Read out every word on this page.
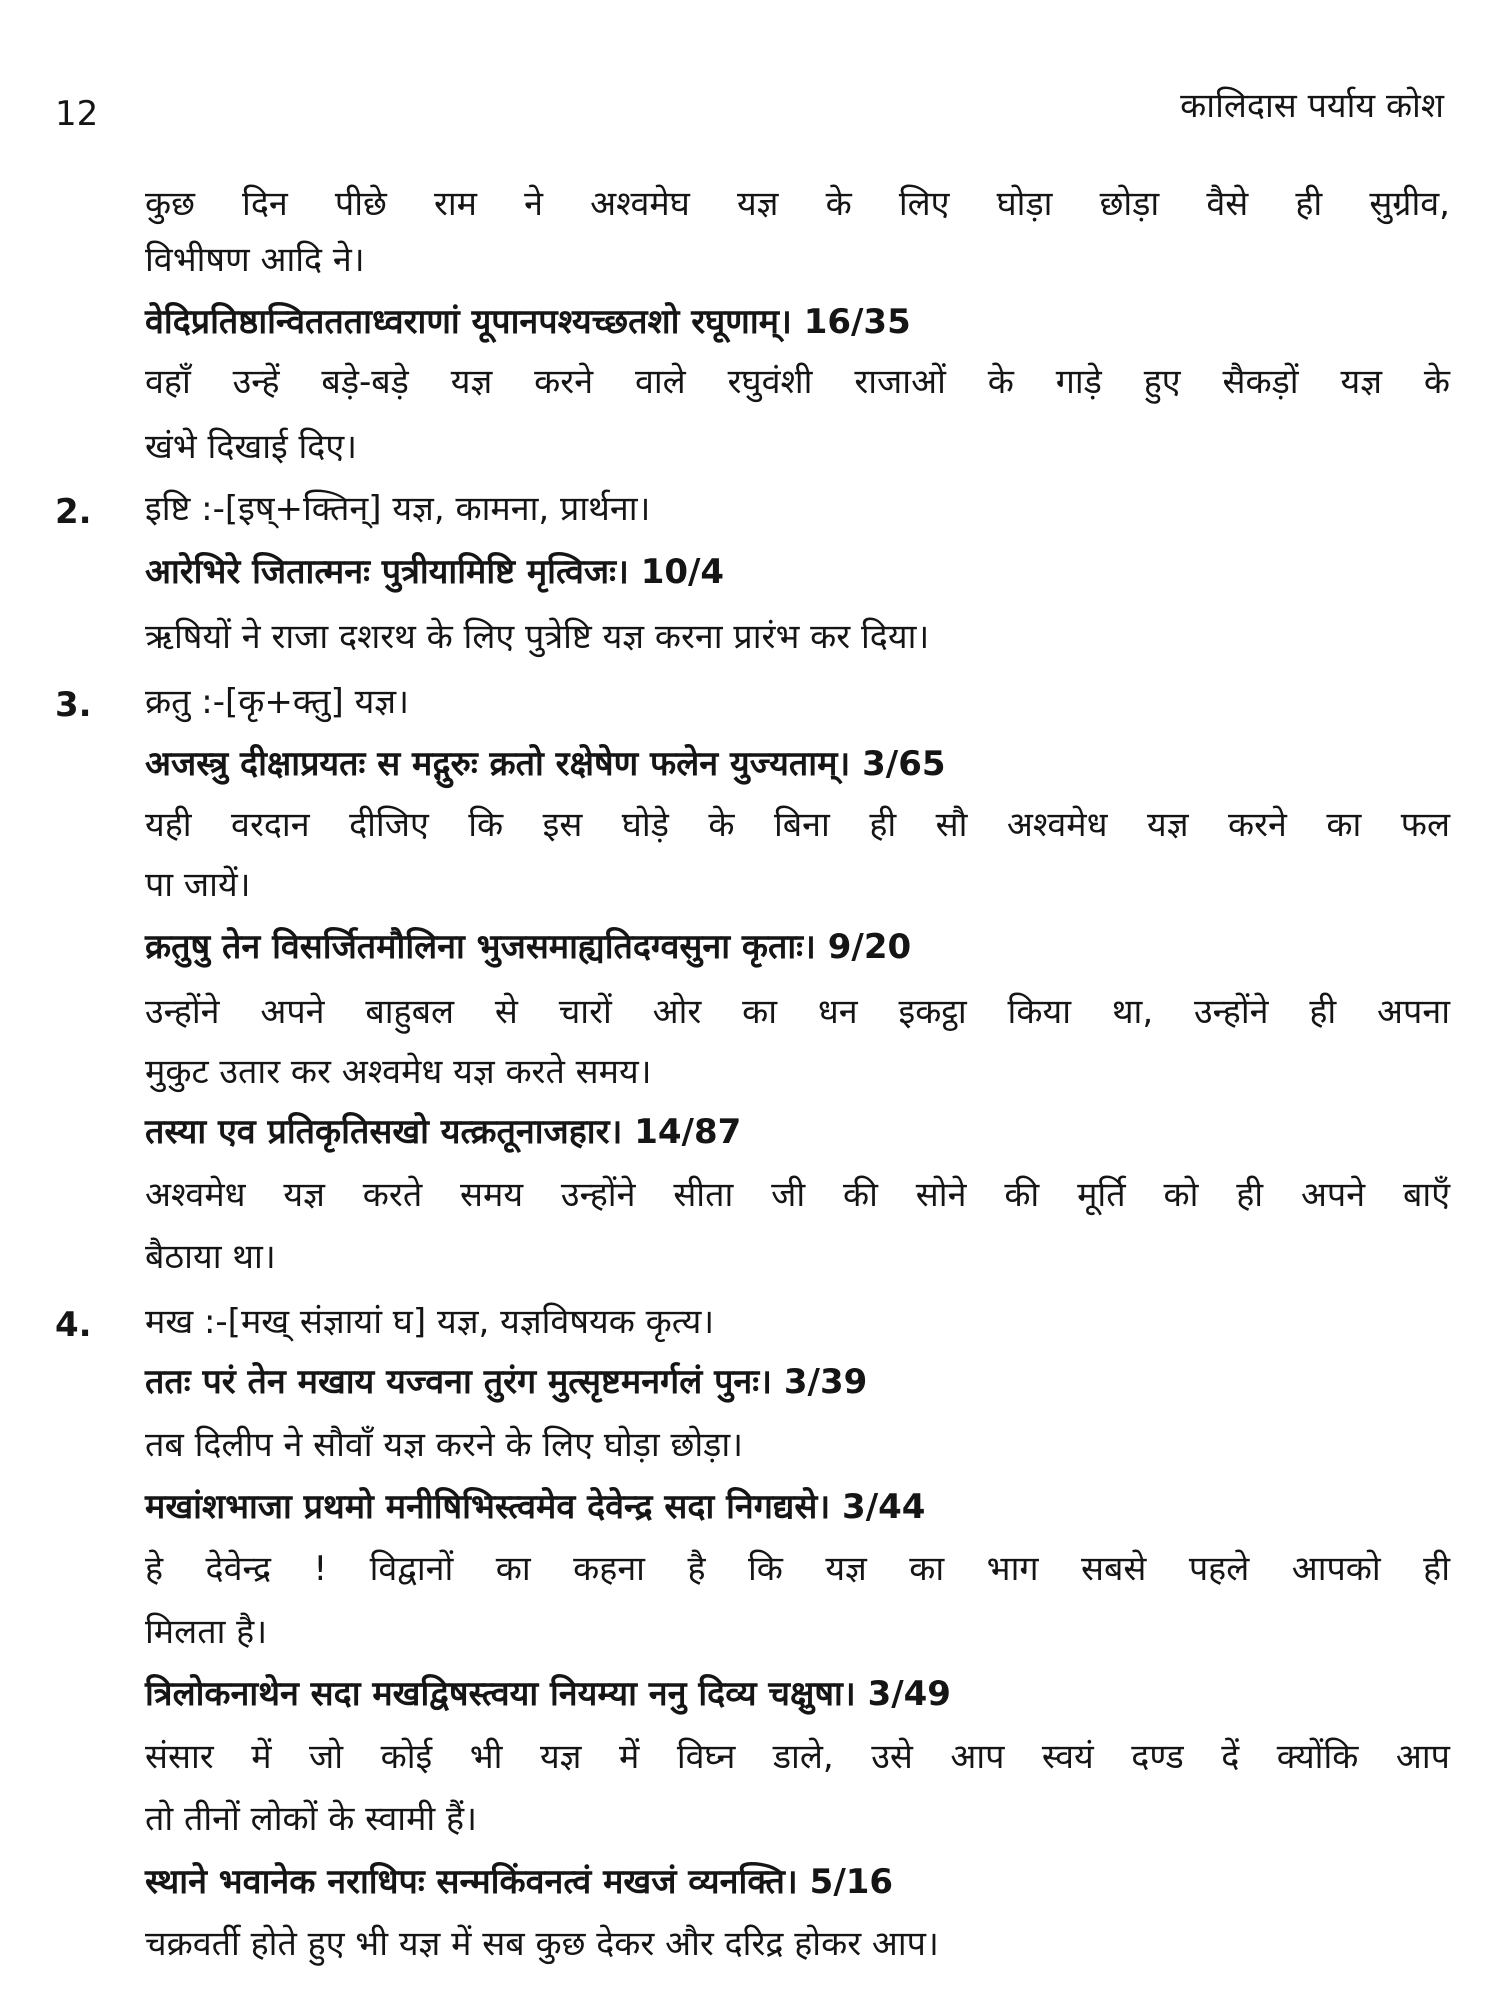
12	कालिदास पर्याय कोश
कुछ दिन पीछे राम ने अश्वमेघ यज्ञ के लिए घोड़ा छोड़ा वैसे ही सुग्रीव,
विभीषण आदि ने।
वेदिप्रतिष्ठान्विततताध्वराणां यूपानपश्यच्छतशो रघूणाम्। 16/35
वहाँ उन्हें बड़े-बड़े यज्ञ करने वाले रघुवंशी राजाओं के गाड़े हुए सैकड़ों यज्ञ के
खंभे दिखाई दिए।
2. इष्टि :-[इष्+क्तिन्] यज्ञ, कामना, प्रार्थना।
आरेभिरे जितात्मनः पुत्रीयामिष्टि मृत्विजः। 10/4
ऋषियों ने राजा दशरथ के लिए पुत्रेष्टि यज्ञ करना प्रारंभ कर दिया।
3. क्रतु :-[कृ+क्तु] यज्ञ।
अजस्त्रु दीक्षाप्रयतः स मद्गुरुः क्रतो रक्षेषेण फलेन युज्यताम्। 3/65
यही वरदान दीजिए कि इस घोड़े के बिना ही सौ अश्वमेध यज्ञ करने का फल
पा जायें।
क्रतुषु तेन विसर्जितमौलिना भुजसमाह्यतिदग्वसुना कृताः। 9/20
उन्होंने अपने बाहुबल से चारों ओर का धन इकट्ठा किया था, उन्होंने ही अपना
मुकुट उतार कर अश्वमेध यज्ञ करते समय।
तस्या एव प्रतिकृतिसखो यत्क्रतूनाजहार। 14/87
अश्वमेध यज्ञ करते समय उन्होंने सीता जी की सोने की मूर्ति को ही अपने बाएँ
बैठाया था।
4. मख :-[मख् संज्ञायां घ] यज्ञ, यज्ञविषयक कृत्य।
ततः परं तेन मखाय यज्वना तुरंग मुत्सृष्टमनर्गलं पुनः। 3/39
तब दिलीप ने सौवाँ यज्ञ करने के लिए घोड़ा छोड़ा।
मखांशभाजा प्रथमो मनीषिभिस्त्वमेव देवेन्द्र सदा निगद्यसे। 3/44
हे देवेन्द्र ! विद्वानों का कहना है कि यज्ञ का भाग सबसे पहले आपको ही
मिलता है।
त्रिलोकनाथेन सदा मखद्विषस्त्वया नियम्या ननु दिव्य चक्षुषा। 3/49
संसार में जो कोई भी यज्ञ में विघ्न डाले, उसे आप स्वयं दण्ड दें क्योंकि आप
तो तीनों लोकों के स्वामी हैं।
स्थाने भवानेक नराधिपः सन्मकिंवनत्वं मखजं व्यनक्ति। 5/16
चक्रवर्ती होते हुए भी यज्ञ में सब कुछ देकर और दरिद्र होकर आप।
